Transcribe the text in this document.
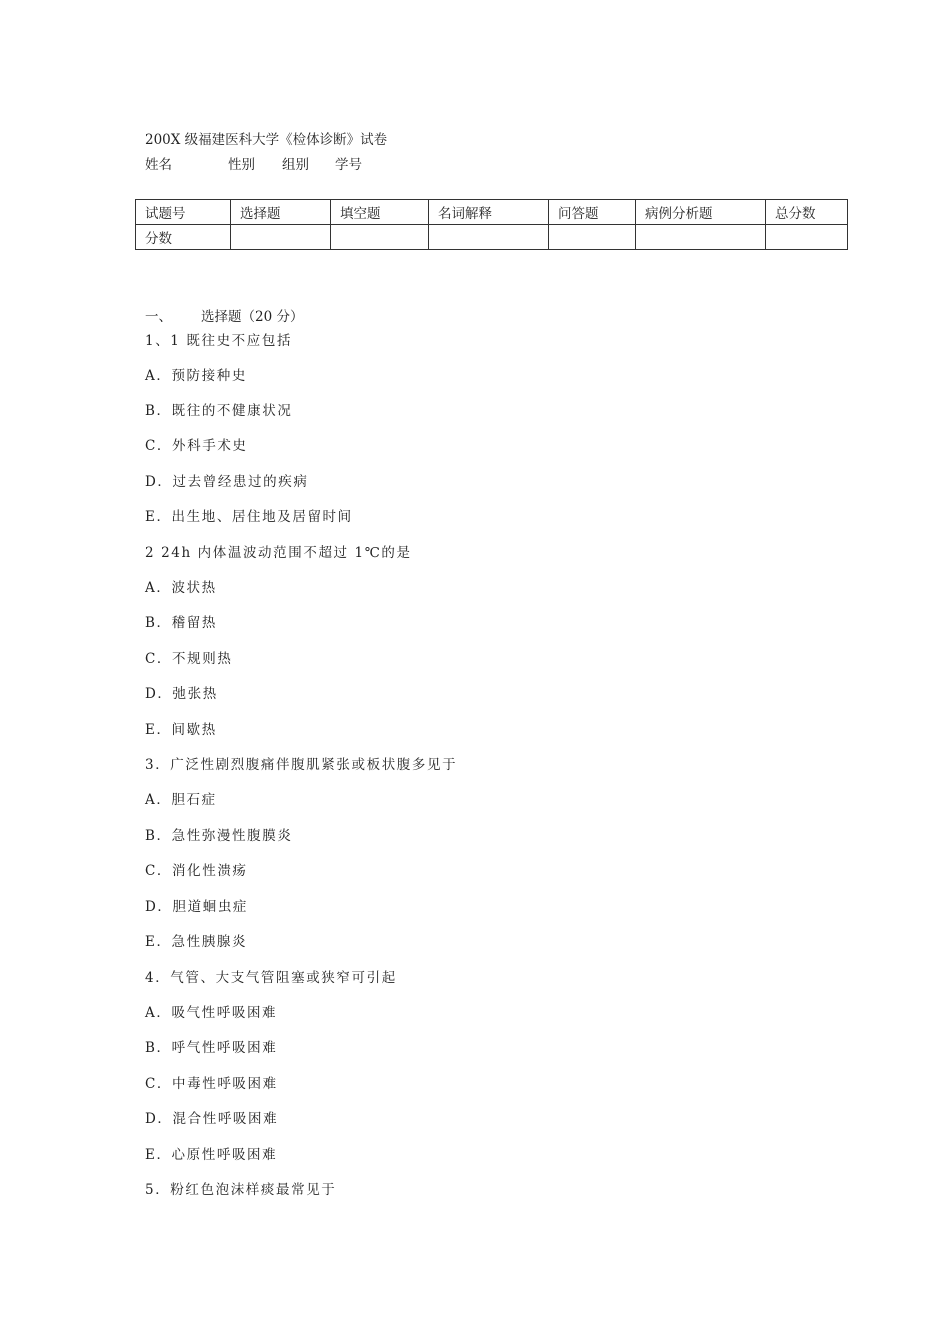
200X 级福建医科大学《检体诊断》试卷
姓名	性别 组别 学号
试题号	选择题	填空题	名词解释	问答题	病例分析题	总分数
分数						
一、 选择题（20 分）
1、1 既往史不应包括
A．预防接种史
B．既往的不健康状况
C．外科手术史
D．过去曾经患过的疾病
E．出生地、居住地及居留时间
2 24h 内体温波动范围不超过 1℃的是
A．波状热
B．稽留热
C．不规则热
D．弛张热
E．间歇热
3．广泛性剧烈腹痛伴腹肌紧张或板状腹多见于
A．胆石症
B．急性弥漫性腹膜炎
C．消化性溃疡
D．胆道蛔虫症
E．急性胰腺炎
4．气管、大支气管阻塞或狭窄可引起
A．吸气性呼吸困难
B．呼气性呼吸困难
C．中毒性呼吸困难
D．混合性呼吸困难
E．心原性呼吸困难
5．粉红色泡沫样痰最常见于
